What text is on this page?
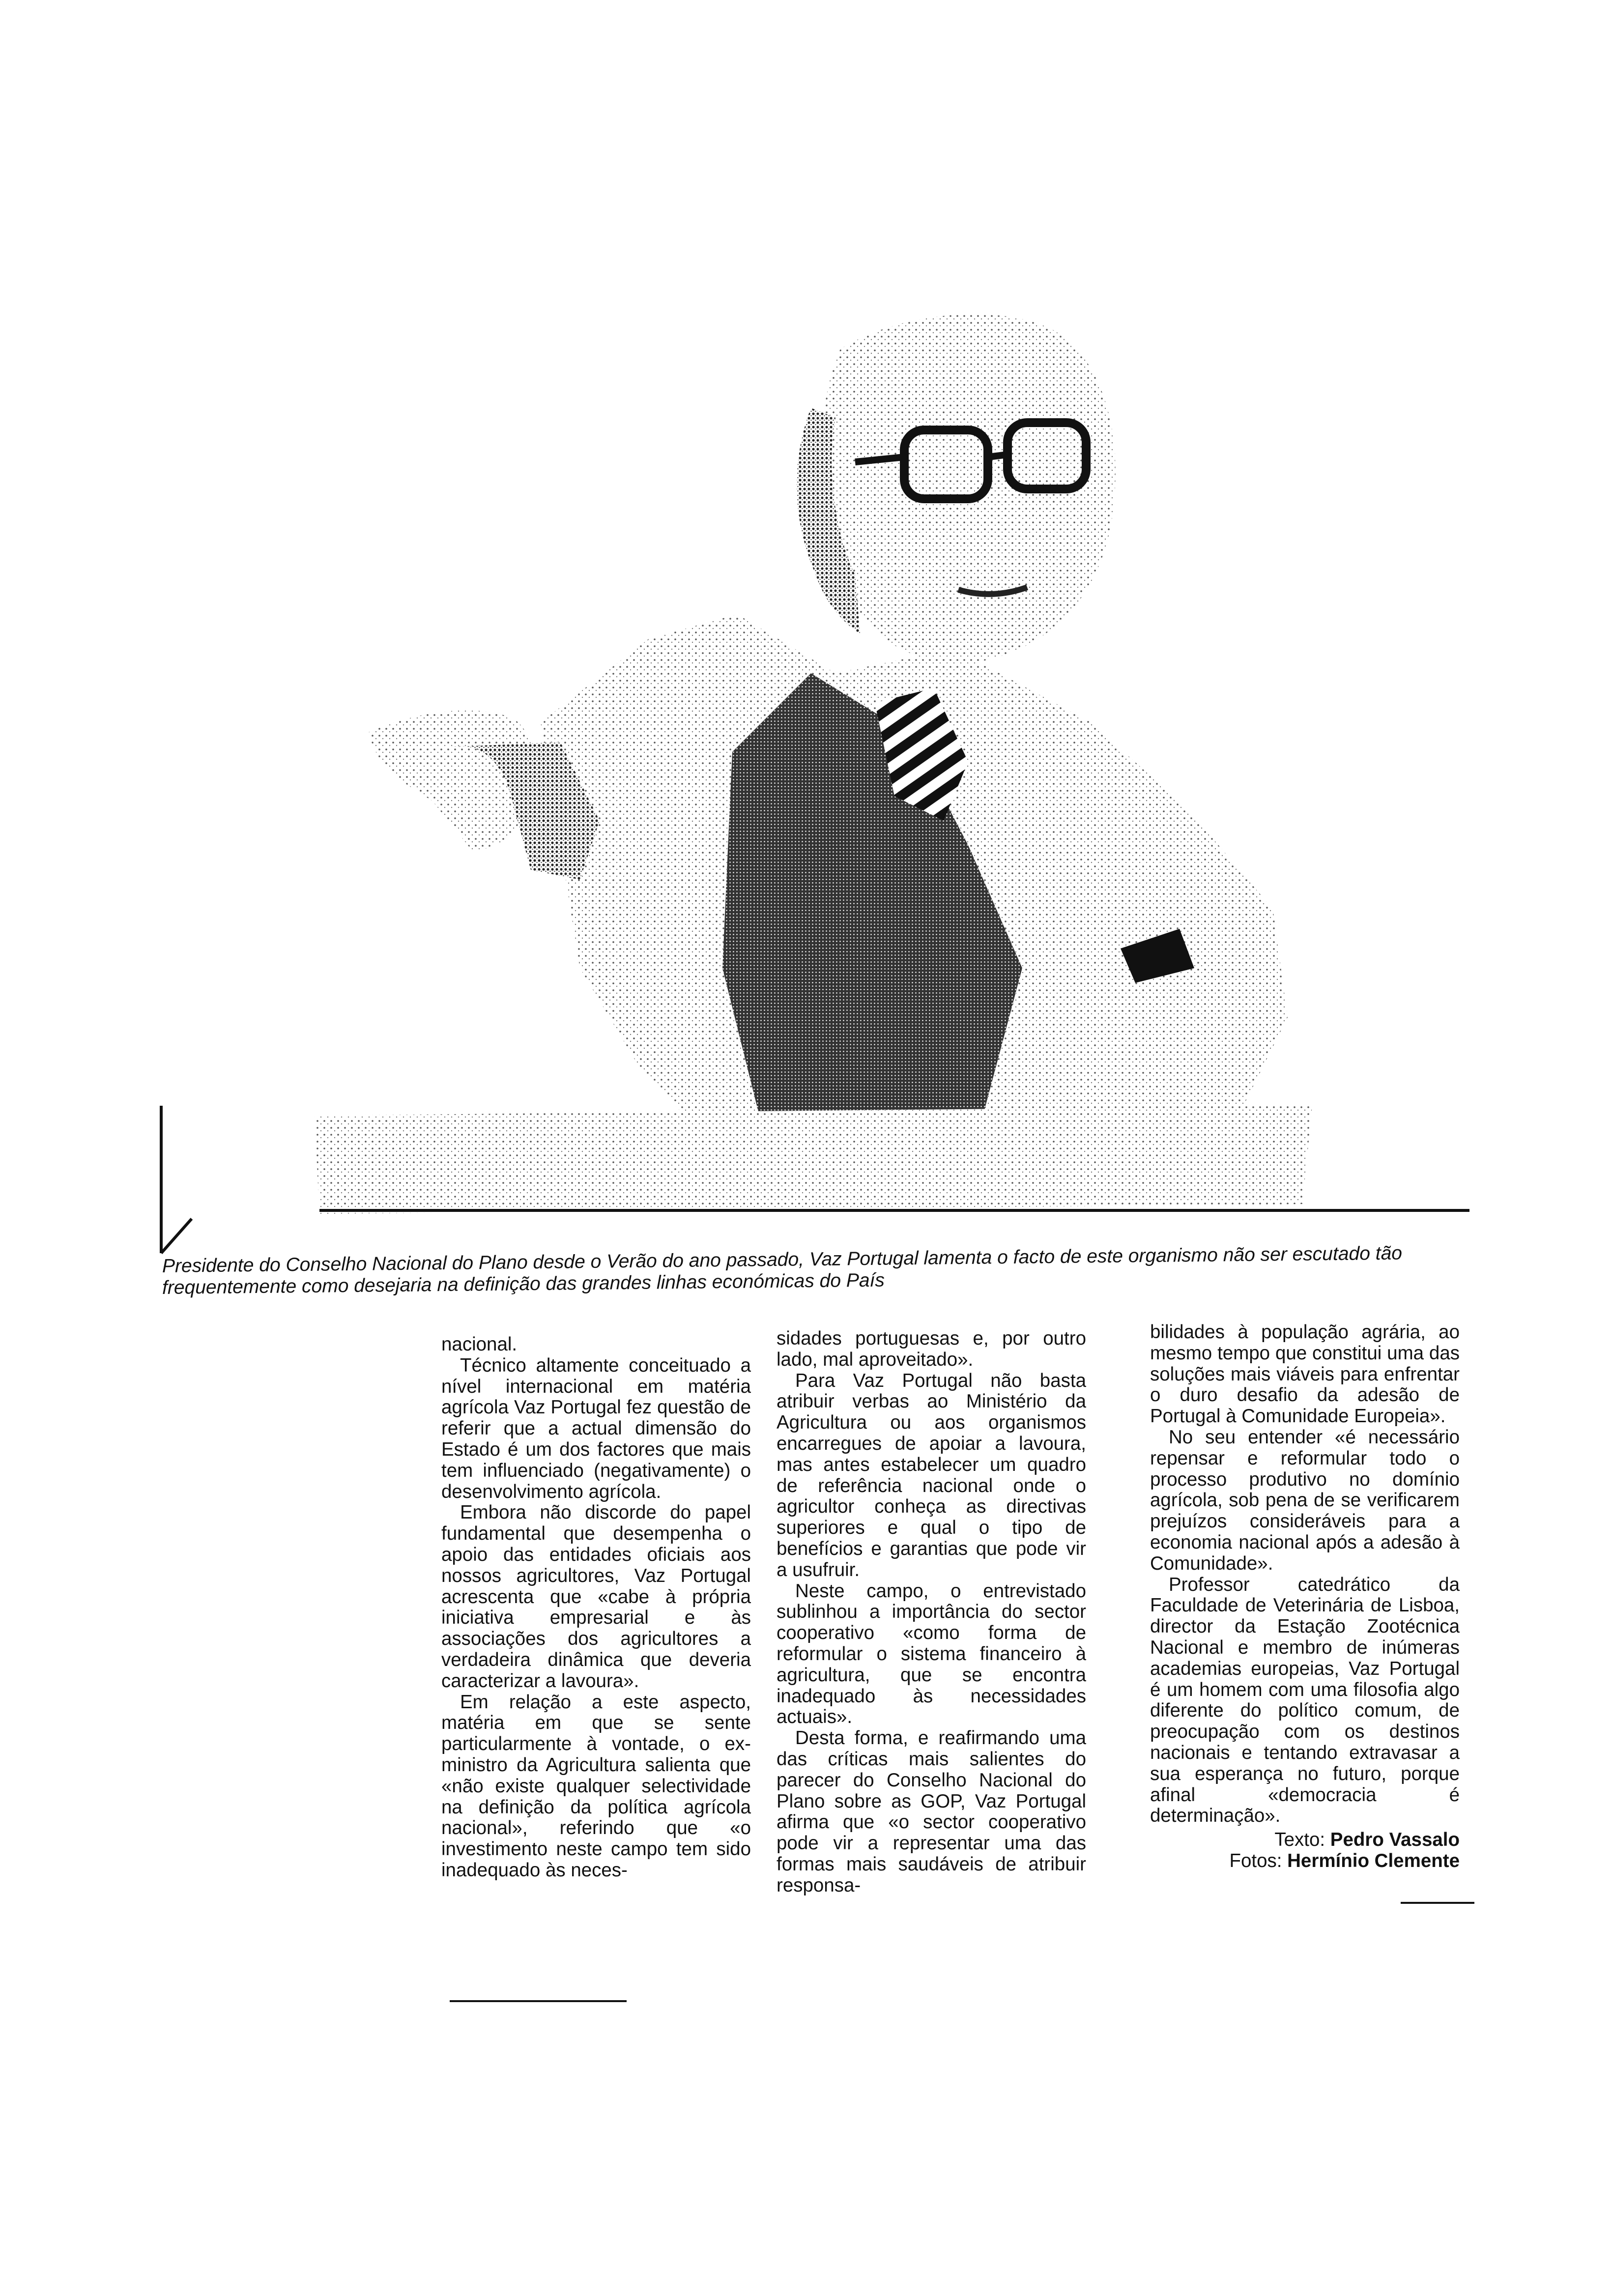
Presidente do Conselho Nacional do Plano desde o Verão do ano passado, Vaz Portugal lamenta o facto de este organismo não ser escutado tão frequentemente como desejaria na definição das grandes linhas económicas do País

nacional.

Técnico altamente conceituado a nível internacional em matéria agrícola Vaz Portugal fez questão de referir que a actual dimensão do Estado é um dos factores que mais tem influenciado (negativamente) o desenvolvimento agrícola.

Embora não discorde do papel fundamental que desempenha o apoio das entidades oficiais aos nossos agricultores, Vaz Portugal acrescenta que «cabe à própria iniciativa empresarial e às associações dos agricultores a verdadeira dinâmica que deveria caracterizar a lavoura».

Em relação a este aspecto, matéria em que se sente particularmente à vontade, o ex-ministro da Agricultura salienta que «não existe qualquer selectividade na definição da política agrícola nacional», referindo que «o investimento neste campo tem sido inadequado às neces-

sidades portuguesas e, por outro lado, mal aproveitado».

Para Vaz Portugal não basta atribuir verbas ao Ministério da Agricultura ou aos organismos encarregues de apoiar a lavoura, mas antes estabelecer um quadro de referência nacional onde o agricultor conheça as directivas superiores e qual o tipo de benefícios e garantias que pode vir a usufruir.

Neste campo, o entrevistado sublinhou a importância do sector cooperativo «como forma de reformular o sistema financeiro à agricultura, que se encontra inadequado às necessidades actuais».

Desta forma, e reafirmando uma das críticas mais salientes do parecer do Conselho Nacional do Plano sobre as GOP, Vaz Portugal afirma que «o sector cooperativo pode vir a representar uma das formas mais saudáveis de atribuir responsa-

bilidades à população agrária, ao mesmo tempo que constitui uma das soluções mais viáveis para enfrentar o duro desafio da adesão de Portugal à Comunidade Europeia».

No seu entender «é necessário repensar e reformular todo o processo produtivo no domínio agrícola, sob pena de se verificarem prejuízos consideráveis para a economia nacional após a adesão à Comunidade».

Professor catedrático da Faculdade de Veterinária de Lisboa, director da Estação Zootécnica Nacional e membro de inúmeras academias europeias, Vaz Portugal é um homem com uma filosofia algo diferente do político comum, de preocupação com os destinos nacionais e tentando extravasar a sua esperança no futuro, porque afinal «democracia é determinação».

Texto: Pedro Vassalo

Fotos: Hermínio Clemente
